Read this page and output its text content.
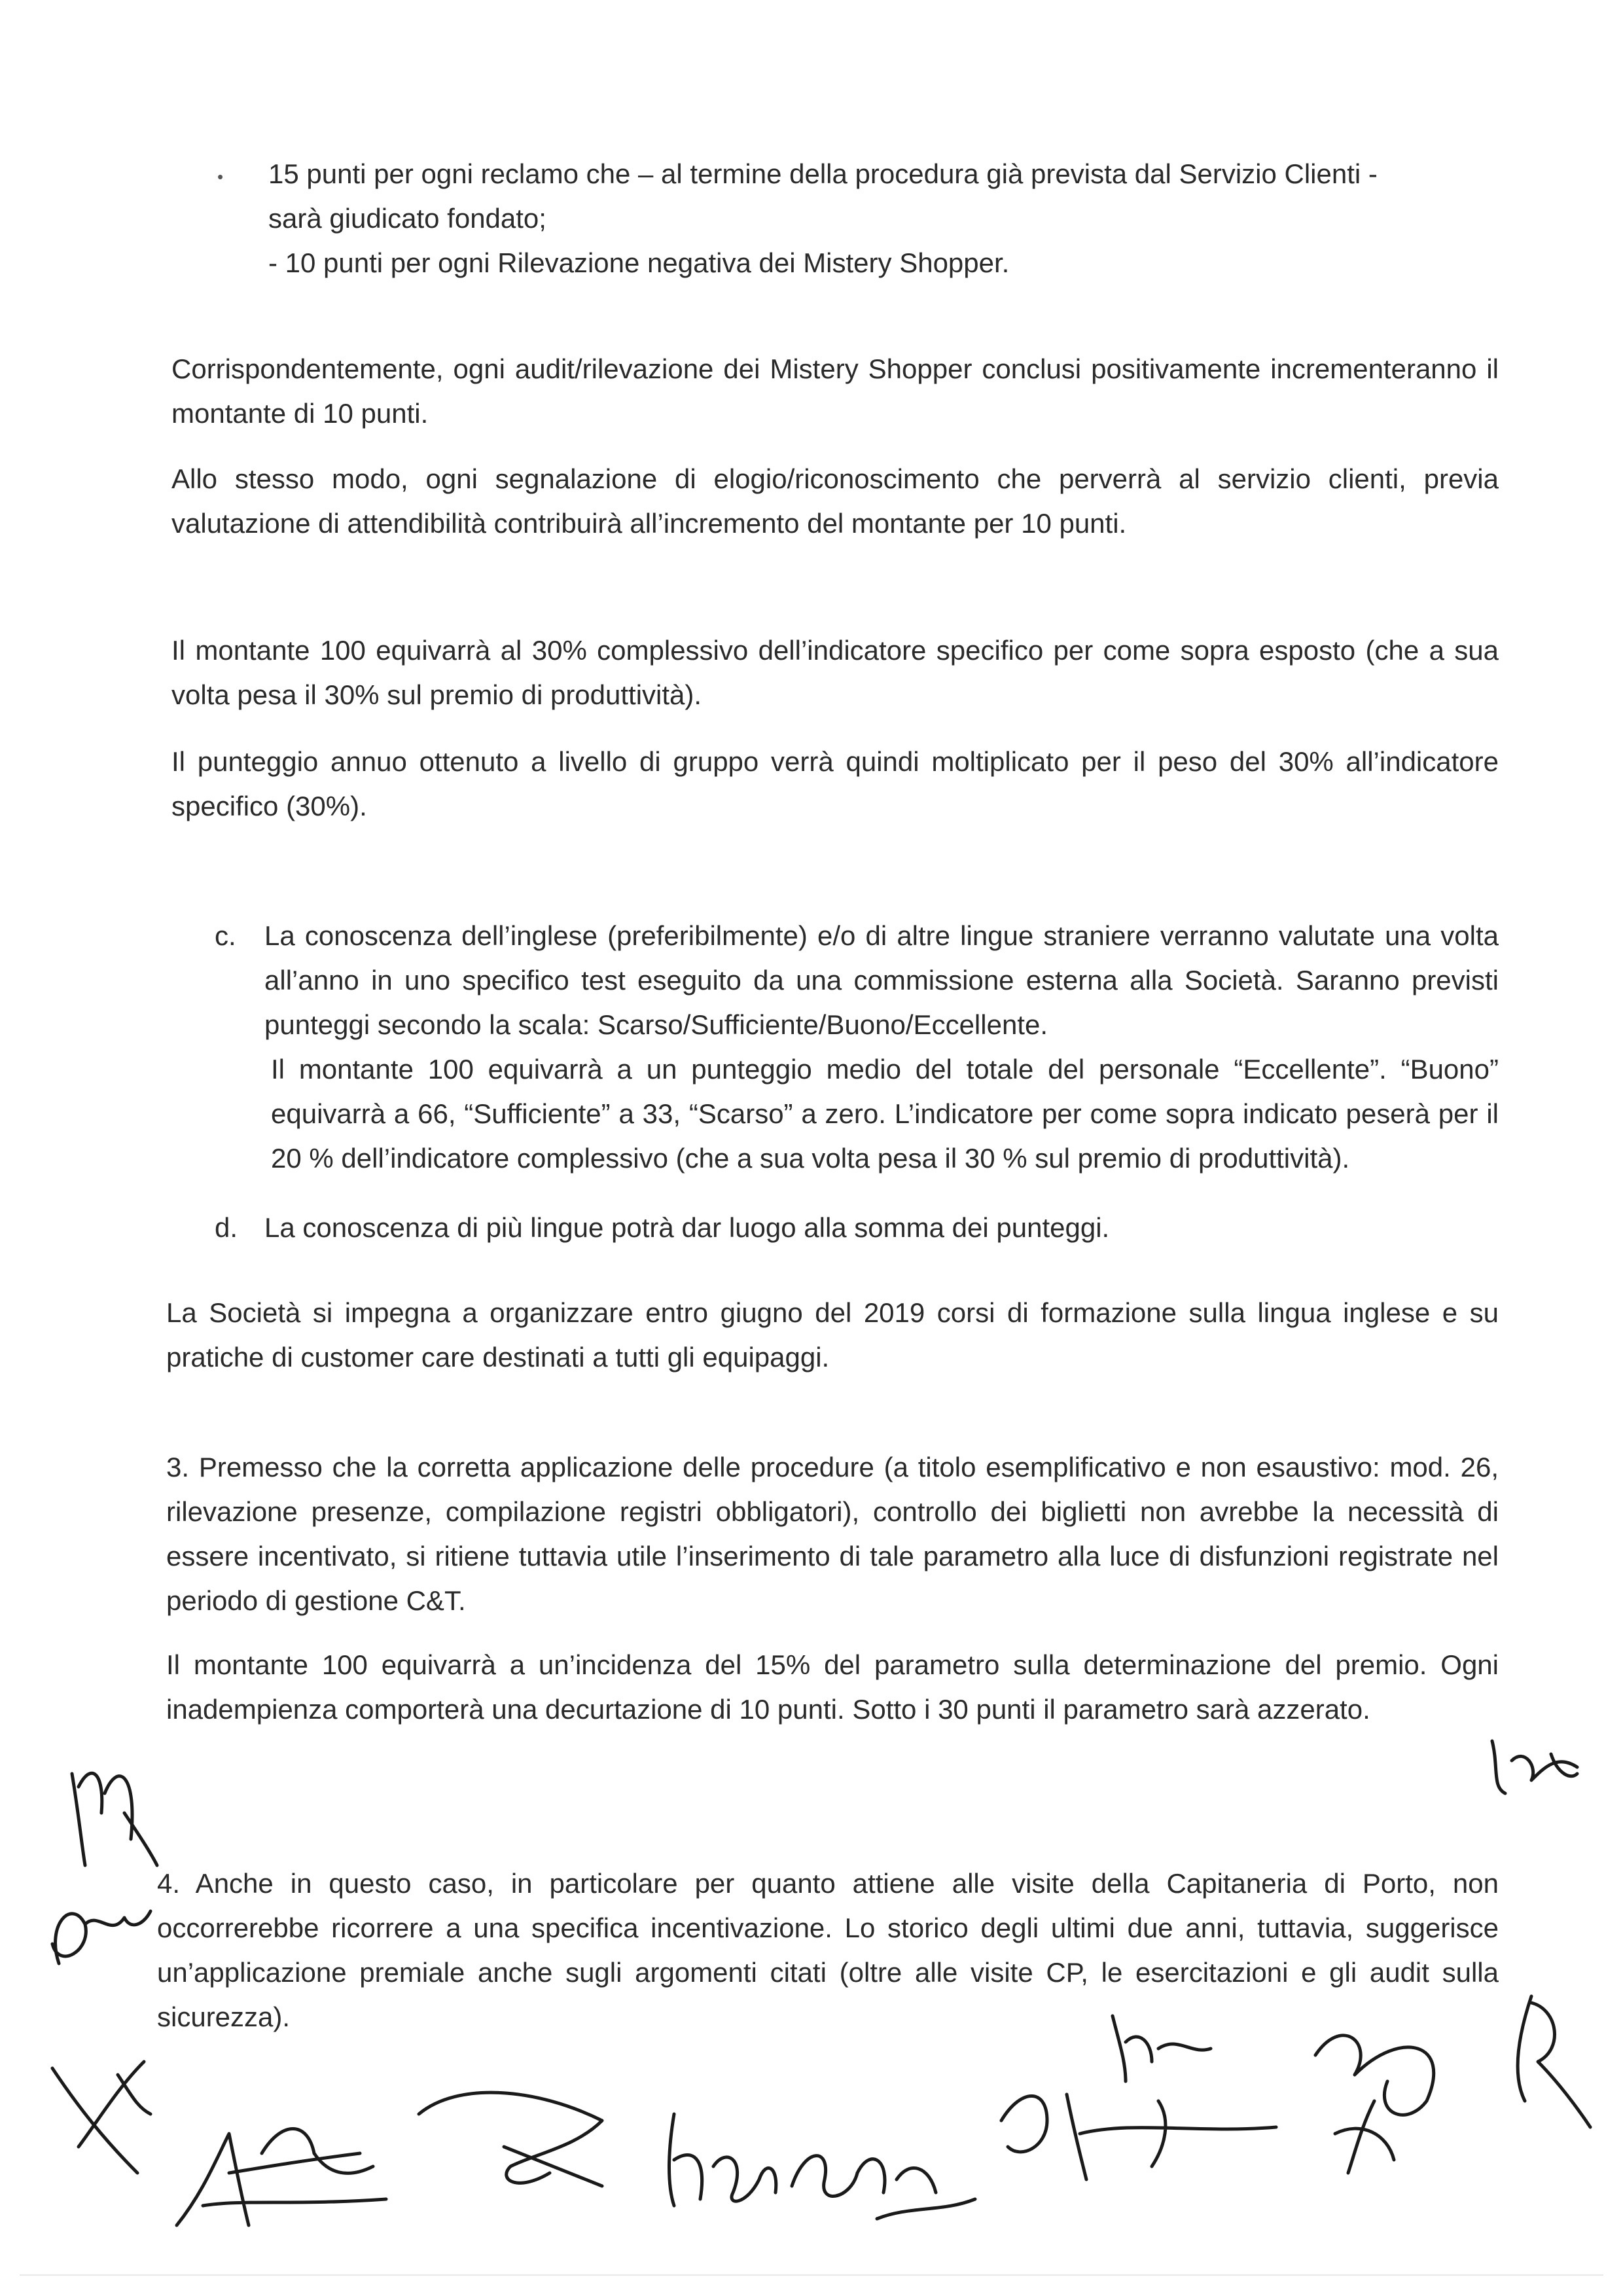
• 15 punti per ogni reclamo che – al termine della procedura già prevista dal Servizio Clienti -
sarà giudicato fondato;
- 10 punti per ogni Rilevazione negativa dei Mistery Shopper.

Corrispondentemente, ogni audit/rilevazione dei Mistery Shopper conclusi positivamente incrementeranno il montante di 10 punti.

Allo stesso modo, ogni segnalazione di elogio/riconoscimento che perverrà al servizio clienti, previa valutazione di attendibilità contribuirà all’incremento del montante per 10 punti.

Il montante 100 equivarrà al 30% complessivo dell’indicatore specifico per come sopra esposto (che a sua volta pesa il 30% sul premio di produttività).

Il punteggio annuo ottenuto a livello di gruppo verrà quindi moltiplicato per il peso del 30% all’indicatore specifico (30%).

c. La conoscenza dell’inglese (preferibilmente) e/o di altre lingue straniere verranno valutate una volta all’anno in uno specifico test eseguito da una commissione esterna alla Società. Saranno previsti punteggi secondo la scala: Scarso/Sufficiente/Buono/Eccellente.
Il montante 100 equivarrà a un punteggio medio del totale del personale “Eccellente”. “Buono” equivarrà a 66, “Sufficiente” a 33, “Scarso” a zero. L’indicatore per come sopra indicato peserà per il 20 % dell’indicatore complessivo (che a sua volta pesa il 30 % sul premio di produttività).
d. La conoscenza di più lingue potrà dar luogo alla somma dei punteggi.

La Società si impegna a organizzare entro giugno del 2019 corsi di formazione sulla lingua inglese e su pratiche di customer care destinati a tutti gli equipaggi.

3. Premesso che la corretta applicazione delle procedure (a titolo esemplificativo e non esaustivo: mod. 26, rilevazione presenze, compilazione registri obbligatori), controllo dei biglietti non avrebbe la necessità di essere incentivato, si ritiene tuttavia utile l’inserimento di tale parametro alla luce di disfunzioni registrate nel periodo di gestione C&T.

Il montante 100 equivarrà a un’incidenza del 15% del parametro sulla determinazione del premio. Ogni inadempienza comporterà una decurtazione di 10 punti. Sotto i 30 punti il parametro sarà azzerato.

4. Anche in questo caso, in particolare per quanto attiene alle visite della Capitaneria di Porto, non occorrerebbe ricorrere a una specifica incentivazione. Lo storico degli ultimi due anni, tuttavia, suggerisce un’applicazione premiale anche sugli argomenti citati (oltre alle visite CP, le esercitazioni e gli audit sulla sicurezza).
